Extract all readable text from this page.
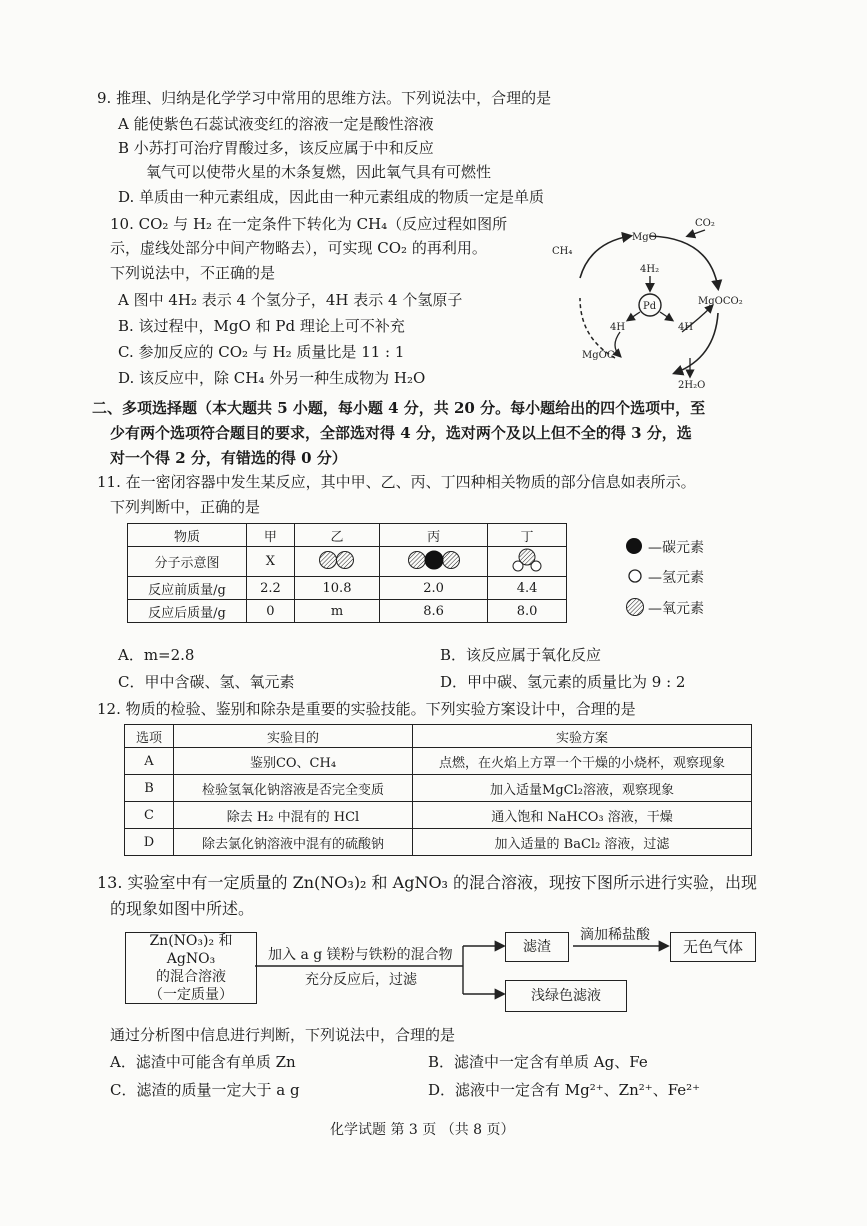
9. 推理、归纳是化学学习中常用的思维方法。下列说法中，合理的是
A 能使紫色石蕊试液变红的溶液一定是酸性溶液
B 小苏打可治疗胃酸过多，该反应属于中和反应
氧气可以使带火星的木条复燃，因此氧气具有可燃性
D. 单质由一种元素组成，因此由一种元素组成的物质一定是单质
10. CO₂ 与 H₂ 在一定条件下转化为 CH₄（反应过程如图所
示，虚线处部分中间产物略去），可实现 CO₂ 的再利用。
下列说法中，不正确的是
A 图中 4H₂ 表示 4 个氢分子，4H 表示 4 个氢原子
B. 该过程中，MgO 和 Pd 理论上可不补充
C. 参加反应的 CO₂ 与 H₂ 质量比是 11 : 1
D. 该反应中，除 CH₄ 外另一种生成物为 H₂O
CO₂
MgO
CH₄
4H₂
Pd
4H	4H
MgOCO₂
MgOC
2H₂O
二、多项选择题（本大题共 5 小题，每小题 4 分，共 20 分。每小题给出的四个选项中，至
少有两个选项符合题目的要求，全部选对得 4 分，选对两个及以上但不全的得 3 分，选
对一个得 2 分，有错选的得 0 分）
11. 在一密闭容器中发生某反应，其中甲、乙、丙、丁四种相关物质的部分信息如表所示。
下列判断中，正确的是
物质	甲	乙	丙	丁
分子示意图	X			
反应前质量/g	2.2	10.8	2.0	4.4
反应后质量/g	0	m	8.6	8.0
—碳元素
—氢元素
—氧元素
A．m=2.8	B．该反应属于氧化反应
C．甲中含碳、氢、氧元素	D．甲中碳、氢元素的质量比为 9 : 2
12. 物质的检验、鉴别和除杂是重要的实验技能。下列实验方案设计中，合理的是
选项	实验目的	实验方案
A	鉴别CO、CH₄	点燃，在火焰上方罩一个干燥的小烧杯，观察现象
B	检验氢氧化钠溶液是否完全变质	加入适量MgCl₂溶液，观察现象
C	除去 H₂ 中混有的 HCl	通入饱和 NaHCO₃ 溶液，干燥
D	除去氯化钠溶液中混有的硫酸钠	加入适量的 BaCl₂ 溶液，过滤
13. 实验室中有一定质量的 Zn(NO₃)₂ 和 AgNO₃ 的混合溶液，现按下图所示进行实验，出现
的现象如图中所述。
Zn(NO₃)₂ 和 AgNO₃
的混合溶液
（一定质量）
加入 a g 镁粉与铁粉的混合物
充分反应后，过滤
滤渣
滴加稀盐酸
无色气体
浅绿色滤液
通过分析图中信息进行判断，下列说法中，合理的是
A．滤渣中可能含有单质 Zn	B．滤渣中一定含有单质 Ag、Fe
C．滤渣的质量一定大于 a g	D．滤液中一定含有 Mg²⁺、Zn²⁺、Fe²⁺
化学试题 第 3 页 （共 8 页）
